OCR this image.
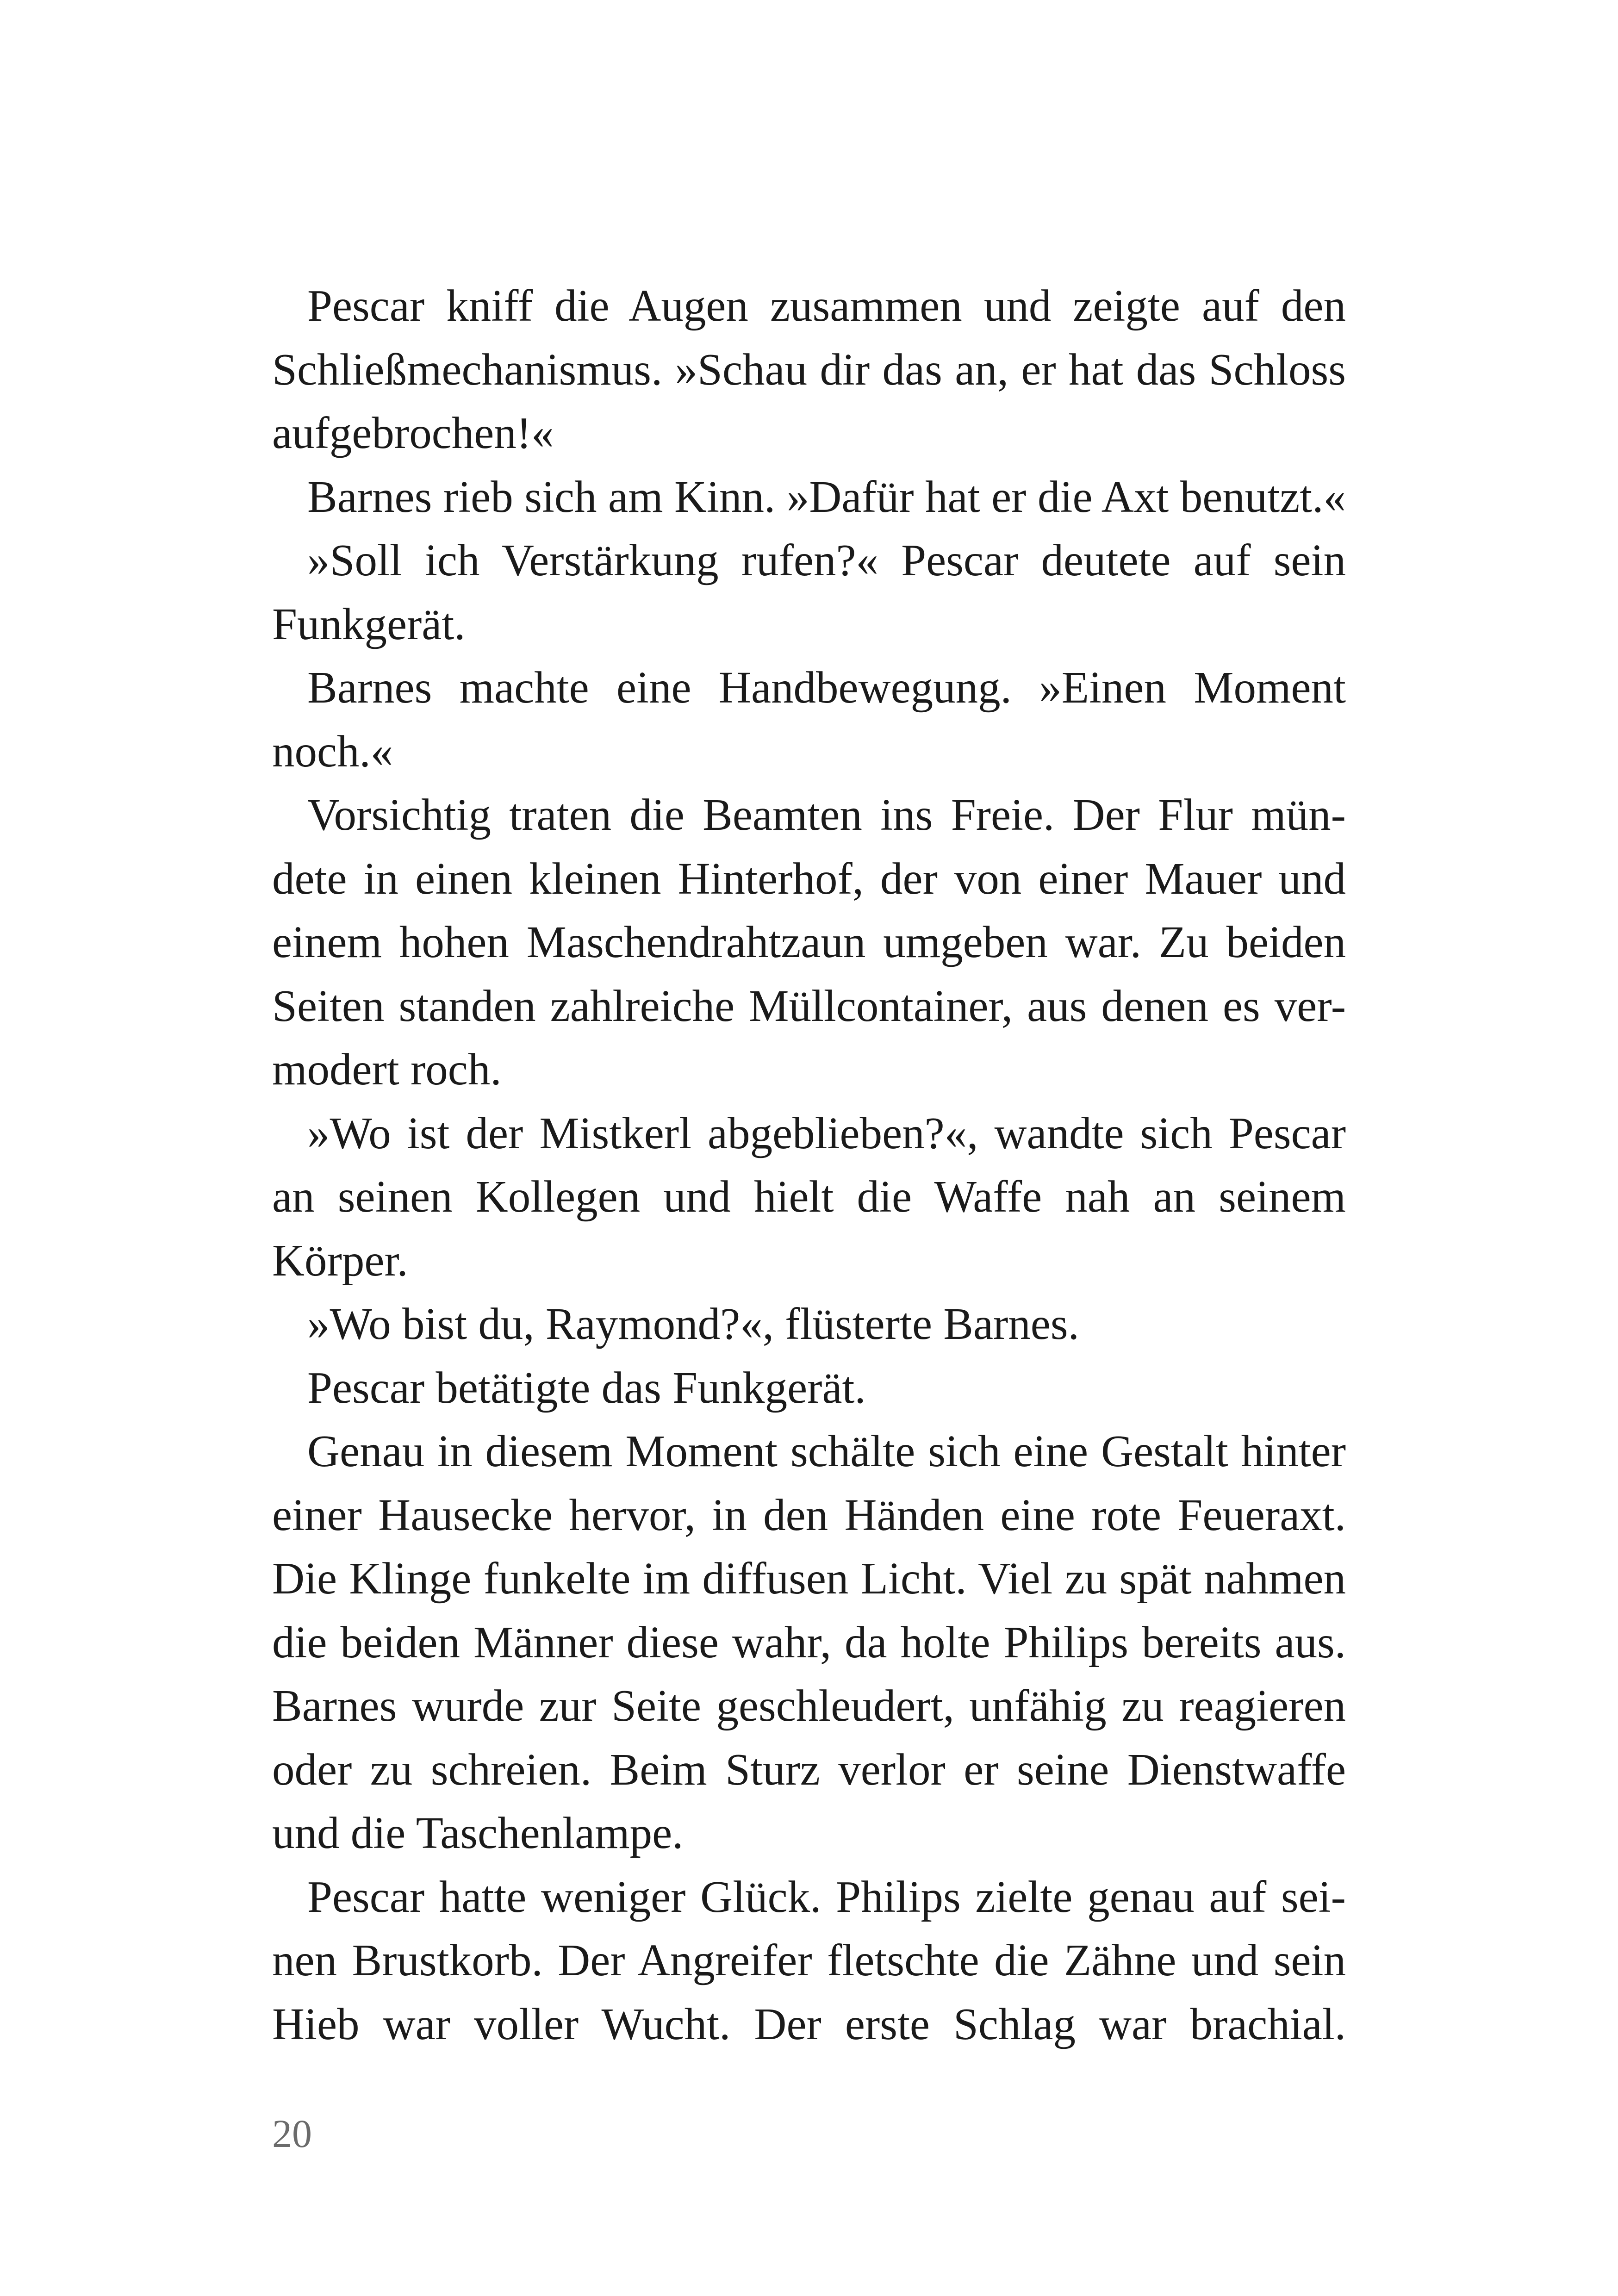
Pescar kniff die Augen zusammen und zeigte auf den
Schließmechanismus. »Schau dir das an, er hat das Schloss
aufgebrochen!«
Barnes rieb sich am Kinn. »Dafür hat er die Axt benutzt.«
»Soll ich Verstärkung rufen?« Pescar deutete auf sein
Funkgerät.
Barnes machte eine Handbewegung. »Einen Moment
noch.«
Vorsichtig traten die Beamten ins Freie. Der Flur mün-
dete in einen kleinen Hinterhof, der von einer Mauer und
einem hohen Maschendrahtzaun umgeben war. Zu beiden
Seiten standen zahlreiche Müllcontainer, aus denen es ver-
modert roch.
»Wo ist der Mistkerl abgeblieben?«, wandte sich Pescar
an seinen Kollegen und hielt die Waffe nah an seinem
Körper.
»Wo bist du, Raymond?«, flüsterte Barnes.
Pescar betätigte das Funkgerät.
Genau in diesem Moment schälte sich eine Gestalt hinter
einer Hausecke hervor, in den Händen eine rote Feueraxt.
Die Klinge funkelte im diffusen Licht. Viel zu spät nahmen
die beiden Männer diese wahr, da holte Philips bereits aus.
Barnes wurde zur Seite geschleudert, unfähig zu reagieren
oder zu schreien. Beim Sturz verlor er seine Dienstwaffe
und die Taschenlampe.
Pescar hatte weniger Glück. Philips zielte genau auf sei-
nen Brustkorb. Der Angreifer fletschte die Zähne und sein
Hieb war voller Wucht. Der erste Schlag war brachial.
20
